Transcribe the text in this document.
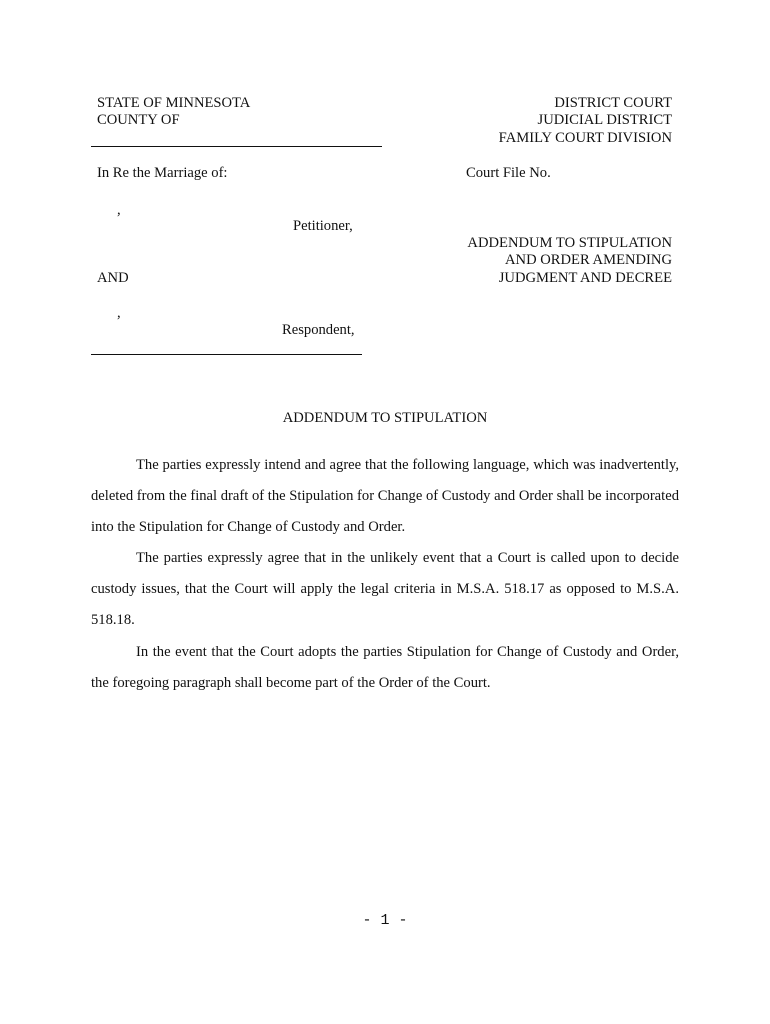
STATE OF MINNESOTA
COUNTY OF
DISTRICT COURT
JUDICIAL DISTRICT
FAMILY COURT DIVISION
In Re the Marriage of:	Court File No.
,
Petitioner,
ADDENDUM TO STIPULATION
AND ORDER AMENDING
JUDGMENT AND DECREE
AND
,
Respondent,
ADDENDUM TO STIPULATION
The parties expressly intend and agree that the following language, which was inadvertently, deleted from the final draft of the Stipulation for Change of Custody and Order shall be incorporated into the Stipulation for Change of Custody and Order.
The parties expressly agree that in the unlikely event that a Court is called upon to decide custody issues, that the Court will apply the legal criteria in M.S.A. 518.17 as opposed to M.S.A. 518.18.
In the event that the Court adopts the parties Stipulation for Change of Custody and Order, the foregoing paragraph shall become part of the Order of the Court.
- 1 -
